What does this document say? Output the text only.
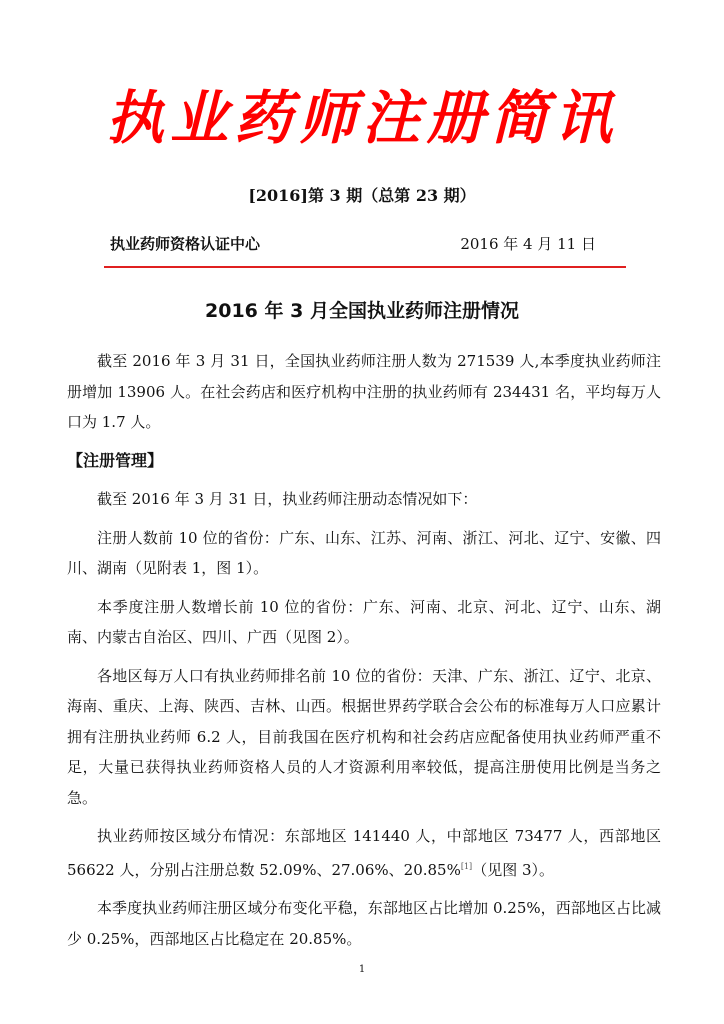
执业药师注册简讯
[2016]第 3 期（总第 23 期）
执业药师资格认证中心	2016 年 4 月 11 日
2016 年 3 月全国执业药师注册情况

截至 2016 年 3 月 31 日，全国执业药师注册人数为 271539 人,本季度执业药师注册增加 13906 人。在社会药店和医疗机构中注册的执业药师有 234431 名，平均每万人口为 1.7 人。

【注册管理】

截至 2016 年 3 月 31 日，执业药师注册动态情况如下：

注册人数前 10 位的省份：广东、山东、江苏、河南、浙江、河北、辽宁、安徽、四川、湖南（见附表 1，图 1）。

本季度注册人数增长前 10 位的省份：广东、河南、北京、河北、辽宁、山东、湖南、内蒙古自治区、四川、广西（见图 2）。

各地区每万人口有执业药师排名前 10 位的省份：天津、广东、浙江、辽宁、北京、海南、重庆、上海、陕西、吉林、山西。根据世界药学联合会公布的标准每万人口应累计拥有注册执业药师 6.2 人，目前我国在医疗机构和社会药店应配备使用执业药师严重不足，大量已获得执业药师资格人员的人才资源利用率较低，提高注册使用比例是当务之急。

执业药师按区域分布情况：东部地区 141440 人，中部地区 73477 人，西部地区 56622 人，分别占注册总数 52.09%、27.06%、20.85%[1]（见图 3）。

本季度执业药师注册区域分布变化平稳，东部地区占比增加 0.25%，西部地区占比减少 0.25%，西部地区占比稳定在 20.85%。

1
